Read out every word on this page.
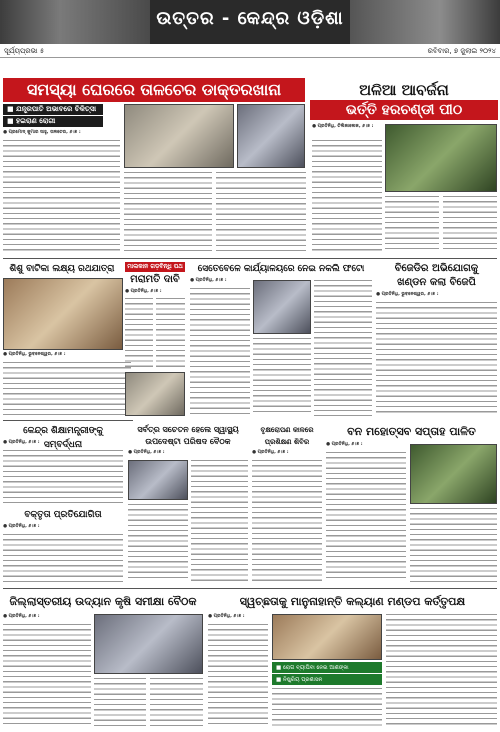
ଉତ୍ତର - କେନ୍ଦ୍ର ଓଡ଼ିଶା
ସୂର୍ଯ୍ୟପ୍ରଭା ୫	ରବିବାର, ୭ ଜୁଲାଇ ୨୦୨୪
ସମସ୍ୟା ଘେରରେ ତାଳଚେର ଡାକ୍ତରଖାନା
■ ଯନ୍ତ୍ରପାତି ଅଭାବରେ ଚିକିତ୍ସା
■ ହଇରାଣ ରୋଗୀ
● ପ୍ରମୋଦ୍ କୁମାର ସାହୁ, ତାଳଚେର, ୬।୭ :
ଅଳିଆ ଆବର୍ଜନା
ଭର୍ତ୍ତି ହରଚଣ୍ଡୀ ପୀଠ
● ପ୍ରତିନିଧି, ଚିଲିକାଲେକ, ୬।୭ :
ଶିଶୁ ବାଟିକା ଲକ୍ଷ୍ୟ ରଥଯାତ୍ରା
● ପ୍ରତିନିଧି, ଭୁବନେଶ୍ୱର, ୬।୭ :
ମାଲକାନ ଗଡ଼ବିନ୍ଧି ପଥ
ମରାମତି ଦାବି
● ପ୍ରତିନିଧି, ୬।୭ :
ସେତେବେଳେ କାର୍ଯ୍ୟାଳୟରେ ନେଇ ନକଲି ଫଟୋ
● ପ୍ରତିନିଧି, ୬।୭ :
ବିଜେଡିର ଅଭିଯୋଗକୁ
ଖଣ୍ଡନ କଲା ବିଜେପି
● ପ୍ରତିନିଧି, ଭୁବନେଶ୍ୱର, ୬।୭ :
କେନ୍ଦ୍ର ଶିକ୍ଷାମନ୍ତ୍ରୀଙ୍କୁ ସମ୍ବର୍ଦ୍ଧନା
● ପ୍ରତିନିଧି, ୬।୭ :
ବକ୍ତୃତା ପ୍ରତିଯୋଗିତା
● ପ୍ରତିନିଧି, ୬।୭ :
ସର୍ବତ୍ର ସଚେତନ ହେଲେ ସ୍ୱାସ୍ଥ୍ୟ
ଉପଦେଷ୍ଟା ପରିଷଦ ବୈଠକ
● ପ୍ରତିନିଧି, ୬।୭ :
ବୃକ୍ଷରୋପଣ କାଳରେ
ପ୍ରଶିକ୍ଷଣ ଶିବିର
● ପ୍ରତିନିଧି, ୬।୭ :
ବନ ମହୋତ୍ସବ ସପ୍ତାହ ପାଳିତ
● ପ୍ରତିନିଧି, ୬।୭ :
ଜିଲ୍ଲାସ୍ତରୀୟ ଉଦ୍ୟାନ କୃଷି ସମୀକ୍ଷା ବୈଠକ
● ପ୍ରତିନିଧି, ୬।୭ :
ସ୍ୱଚ୍ଛତାକୁ ମାନୁନାହାନ୍ତି କଲ୍ୟାଣ ମଣ୍ଡପ କର୍ତ୍ତୃପକ୍ଷ
● ପ୍ରତିନିଧି, ୬।୭ :
■ ରୋଗ ବ୍ୟାପିବା ନେଇ ଆଶଙ୍କା
■ ନିଷ୍କ୍ରିୟ ପ୍ରଶାସନ
